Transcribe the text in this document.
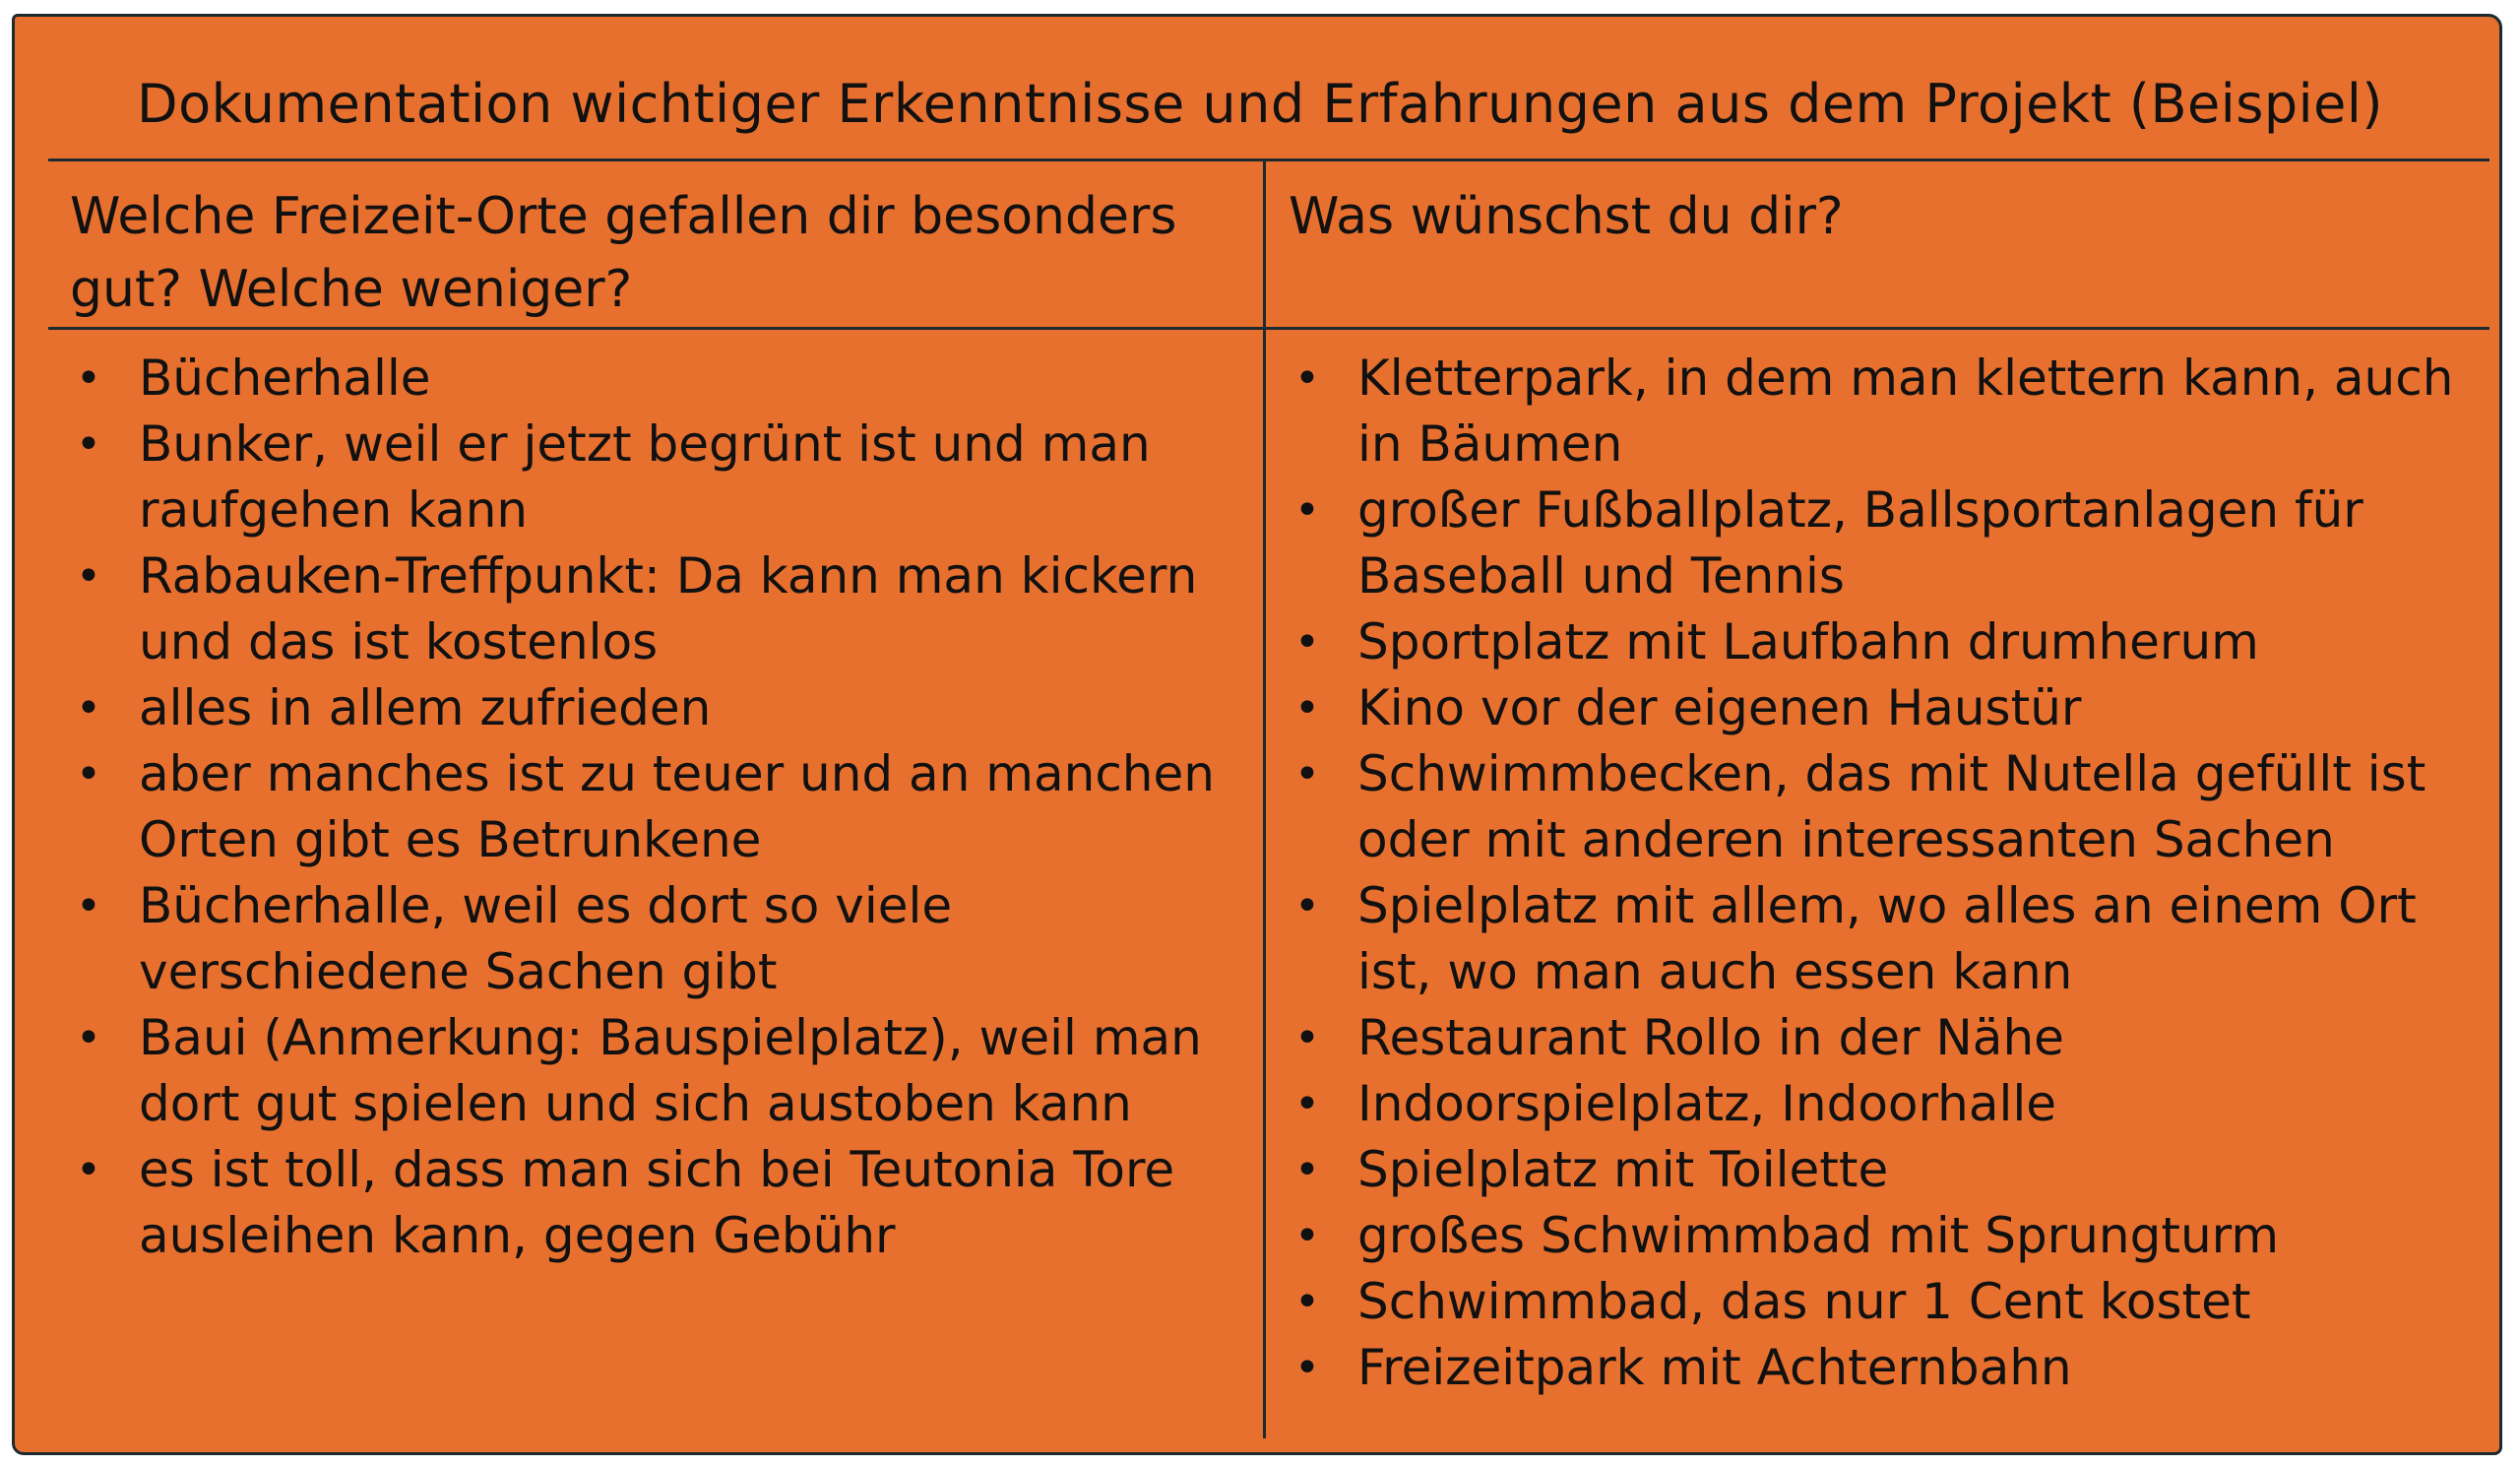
Dokumentation wichtiger Erkenntnisse und Erfahrungen aus dem Projekt (Beispiel)
Welche Freizeit-Orte gefallen dir besonders gut? Welche weniger?
Was wünschst du dir?
• Bücherhalle
• Bunker, weil er jetzt begrünt ist und man raufgehen kann
• Rabauken-Treffpunkt: Da kann man kickern und das ist kostenlos
• alles in allem zufrieden
• aber manches ist zu teuer und an manchen Orten gibt es Betrunkene
• Bücherhalle, weil es dort so viele verschiedene Sachen gibt
• Baui (Anmerkung: Bauspielplatz), weil man dort gut spielen und sich austoben kann
• es ist toll, dass man sich bei Teutonia Tore ausleihen kann, gegen Gebühr
• Kletterpark, in dem man klettern kann, auch in Bäumen
• großer Fußballplatz, Ballsportanlagen für Baseball und Tennis
• Sportplatz mit Laufbahn drumherum
• Kino vor der eigenen Haustür
• Schwimmbecken, das mit Nutella gefüllt ist oder mit anderen interessanten Sachen
• Spielplatz mit allem, wo alles an einem Ort ist, wo man auch essen kann
• Restaurant Rollo in der Nähe
• Indoorspielplatz, Indoorhalle
• Spielplatz mit Toilette
• großes Schwimmbad mit Sprungturm
• Schwimmbad, das nur 1 Cent kostet
• Freizeitpark mit Achternbahn
